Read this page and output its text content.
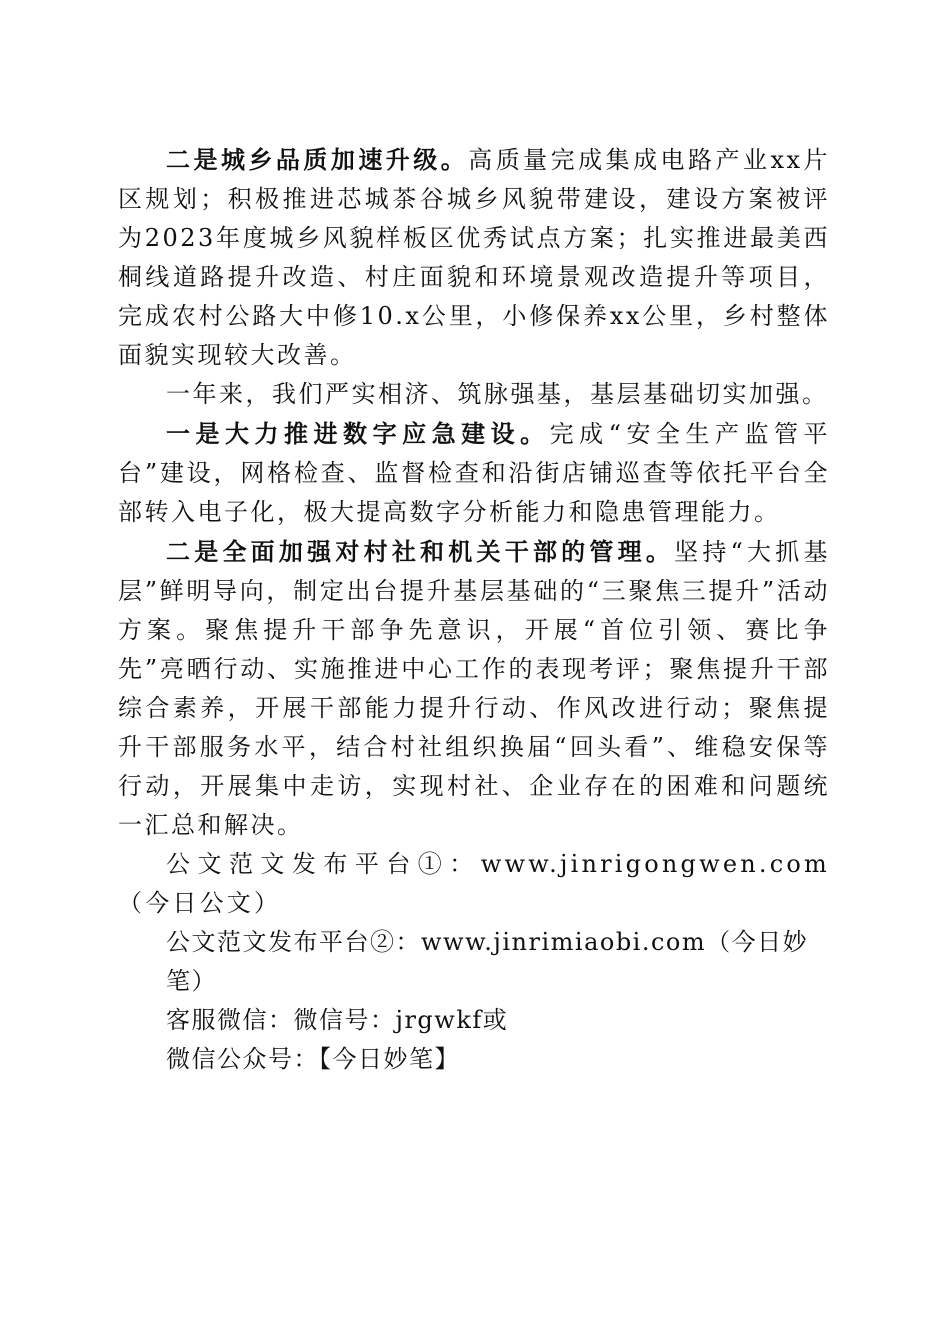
二是城乡品质加速升级。高质量完成集成电路产业xx片区规划；积极推进芯城茶谷城乡风貌带建设，建设方案被评为2023年度城乡风貌样板区优秀试点方案；扎实推进最美西桐线道路提升改造、村庄面貌和环境景观改造提升等项目，完成农村公路大中修10.x公里，小修保养xx公里，乡村整体面貌实现较大改善。

一年来，我们严实相济、筑脉强基，基层基础切实加强。

一是大力推进数字应急建设。完成“安全生产监管平台”建设，网格检查、监督检查和沿街店铺巡查等依托平台全部转入电子化，极大提高数字分析能力和隐患管理能力。

二是全面加强对村社和机关干部的管理。坚持“大抓基层”鲜明导向，制定出台提升基层基础的“三聚焦三提升”活动方案。聚焦提升干部争先意识，开展“首位引领、赛比争先”亮晒行动、实施推进中心工作的表现考评；聚焦提升干部综合素养，开展干部能力提升行动、作风改进行动；聚焦提升干部服务水平，结合村社组织换届“回头看”、维稳安保等行动，开展集中走访，实现村社、企业存在的困难和问题统一汇总和解决。

公文范文发布平台①：www.jinrigongwen.com（今日公文）

公文范文发布平台②：www.jinrimiaobi.com（今日妙笔）

客服微信：微信号：jrgwkf或

微信公众号：【今日妙笔】
